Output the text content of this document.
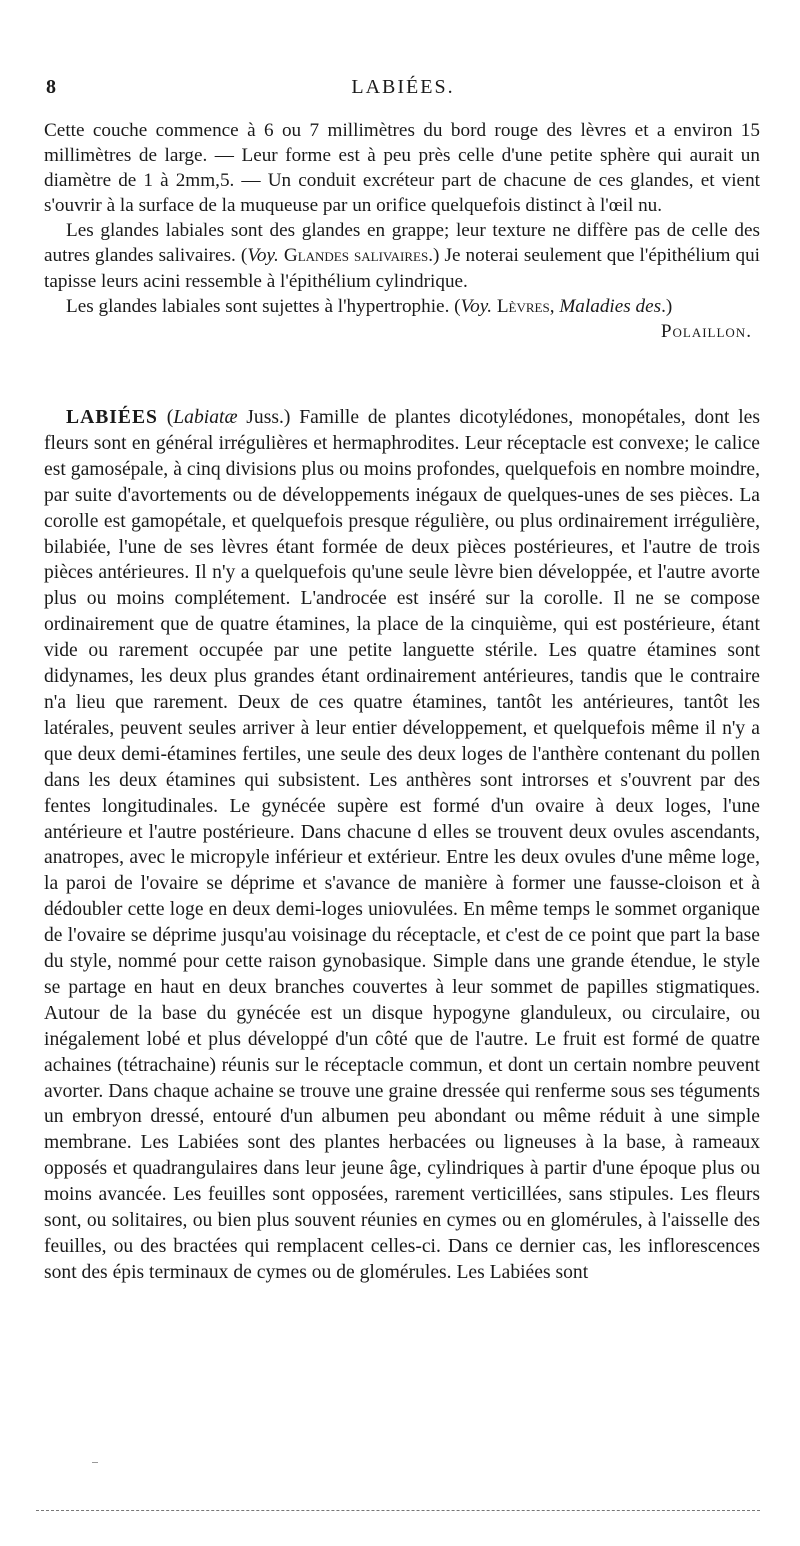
8	LABIÉES.

Cette couche commence à 6 ou 7 millimètres du bord rouge des lèvres et a environ 15 millimètres de large. — Leur forme est à peu près celle d'une petite sphère qui aurait un diamètre de 1 à 2mm,5. — Un conduit excréteur part de chacune de ces glandes, et vient s'ouvrir à la surface de la muqueuse par un orifice quelquefois distinct à l'œil nu.

Les glandes labiales sont des glandes en grappe; leur texture ne diffère pas de celle des autres glandes salivaires. (Voy. Glandes salivaires.) Je noterai seulement que l'épithélium qui tapisse leurs acini ressemble à l'épithélium cylindrique.

Les glandes labiales sont sujettes à l'hypertrophie. (Voy. Lèvres, Maladies des.)

Polaillon.

LABIÉES (Labiatæ Juss.) Famille de plantes dicotylédones, monopétales, dont les fleurs sont en général irrégulières et hermaphrodites. Leur réceptacle est convexe; le calice est gamosépale, à cinq divisions plus ou moins profondes, quelquefois en nombre moindre, par suite d'avortements ou de développements inégaux de quelques-unes de ses pièces. La corolle est gamopétale, et quelquefois presque régulière, ou plus ordinairement irrégulière, bilabiée, l'une de ses lèvres étant formée de deux pièces postérieures, et l'autre de trois pièces antérieures. Il n'y a quelquefois qu'une seule lèvre bien développée, et l'autre avorte plus ou moins complétement. L'androcée est inséré sur la corolle. Il ne se compose ordinairement que de quatre étamines, la place de la cinquième, qui est postérieure, étant vide ou rarement occupée par une petite languette stérile. Les quatre étamines sont didynames, les deux plus grandes étant ordinairement antérieures, tandis que le contraire n'a lieu que rarement. Deux de ces quatre étamines, tantôt les antérieures, tantôt les latérales, peuvent seules arriver à leur entier développement, et quelquefois même il n'y a que deux demi-étamines fertiles, une seule des deux loges de l'anthère contenant du pollen dans les deux étamines qui subsistent. Les anthères sont introrses et s'ouvrent par des fentes longitudinales. Le gynécée supère est formé d'un ovaire à deux loges, l'une antérieure et l'autre postérieure. Dans chacune d elles se trouvent deux ovules ascendants, anatropes, avec le micropyle inférieur et extérieur. Entre les deux ovules d'une même loge, la paroi de l'ovaire se déprime et s'avance de manière à former une fausse-cloison et à dédoubler cette loge en deux demi-loges uniovulées. En même temps le sommet organique de l'ovaire se déprime jusqu'au voisinage du réceptacle, et c'est de ce point que part la base du style, nommé pour cette raison gynobasique. Simple dans une grande étendue, le style se partage en haut en deux branches couvertes à leur sommet de papilles stigmatiques. Autour de la base du gynécée est un disque hypogyne glanduleux, ou circulaire, ou inégalement lobé et plus développé d'un côté que de l'autre. Le fruit est formé de quatre achaines (tétrachaine) réunis sur le réceptacle commun, et dont un certain nombre peuvent avorter. Dans chaque achaine se trouve une graine dressée qui renferme sous ses téguments un embryon dressé, entouré d'un albumen peu abondant ou même réduit à une simple membrane. Les Labiées sont des plantes herbacées ou ligneuses à la base, à rameaux opposés et quadrangulaires dans leur jeune âge, cylindriques à partir d'une époque plus ou moins avancée. Les feuilles sont opposées, rarement verticillées, sans stipules. Les fleurs sont, ou solitaires, ou bien plus souvent réunies en cymes ou en glomérules, à l'aisselle des feuilles, ou des bractées qui remplacent celles-ci. Dans ce dernier cas, les inflorescences sont des épis terminaux de cymes ou de glomérules. Les Labiées sont
